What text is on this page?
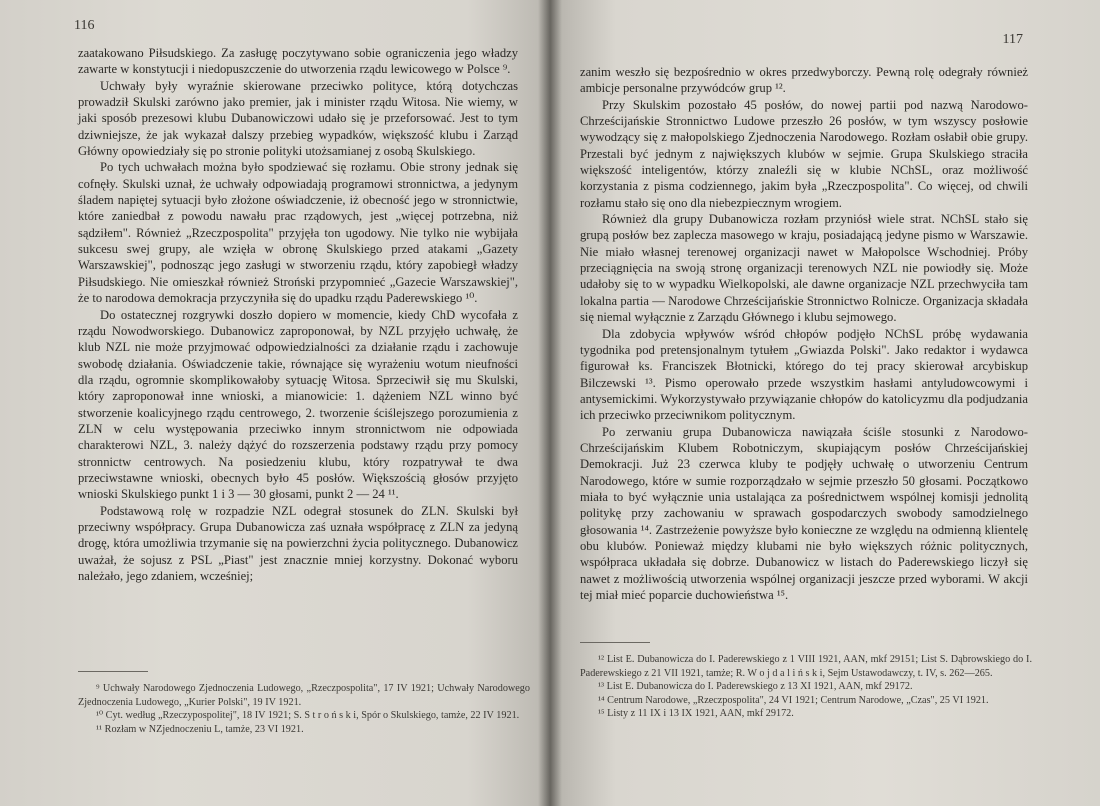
116

zaatakowano Piłsudskiego. Za zasługę poczytywano sobie ograniczenia jego władzy zawarte w konstytucji i niedopuszczenie do utworzenia rządu lewicowego w Polsce ⁹.

Uchwały były wyraźnie skierowane przeciwko polityce, którą dotychczas prowadził Skulski zarówno jako premier, jak i minister rządu Witosa. Nie wiemy, w jaki sposób prezesowi klubu Dubanowiczowi udało się je przeforsować. Jest to tym dziwniejsze, że jak wykazał dalszy przebieg wypadków, większość klubu i Zarząd Główny opowiedziały się po stronie polityki utożsamianej z osobą Skulskiego.

Po tych uchwałach można było spodziewać się rozłamu. Obie strony jednak się cofnęły. Skulski uznał, że uchwały odpowiadają programowi stronnictwa, a jedynym śladem napiętej sytuacji było złożone oświadczenie, iż obecność jego w stronnictwie, które zaniedbał z powodu nawału prac rządowych, jest „więcej potrzebna, niż sądziłem". Również „Rzeczpospolita" przyjęła ton ugodowy. Nie tylko nie wybijała sukcesu swej grupy, ale wzięła w obronę Skulskiego przed atakami „Gazety Warszawskiej", podnosząc jego zasługi w stworzeniu rządu, który zapobiegł władzy Piłsudskiego. Nie omieszkał również Stroński przypomnieć „Gazecie Warszawskiej", że to narodowa demokracja przyczyniła się do upadku rządu Paderewskiego ¹⁰.

Do ostatecznej rozgrywki doszło dopiero w momencie, kiedy ChD wycofała z rządu Nowodworskiego. Dubanowicz zaproponował, by NZL przyjęło uchwałę, że klub NZL nie może przyjmować odpowiedzialności za działanie rządu i zachowuje swobodę działania. Oświadczenie takie, równające się wyrażeniu wotum nieufności dla rządu, ogromnie skomplikowałoby sytuację Witosa. Sprzeciwił się mu Skulski, który zaproponował inne wnioski, a mianowicie: 1. dążeniem NZL winno być stworzenie koalicyjnego rządu centrowego, 2. tworzenie ściślejszego porozumienia z ZLN w celu występowania przeciwko innym stronnictwom nie odpowiada charakterowi NZL, 3. należy dążyć do rozszerzenia podstawy rządu przy pomocy stronnictw centrowych. Na posiedzeniu klubu, który rozpatrywał te dwa przeciwstawne wnioski, obecnych było 45 posłów. Większością głosów przyjęto wnioski Skulskiego punkt 1 i 3 — 30 głosami, punkt 2 — 24 ¹¹.

Podstawową rolę w rozpadzie NZL odegrał stosunek do ZLN. Skulski był przeciwny współpracy. Grupa Dubanowicza zaś uznała współpracę z ZLN za jedyną drogę, która umożliwia trzymanie się na powierzchni życia politycznego. Dubanowicz uważał, że sojusz z PSL „Piast" jest znacznie mniej korzystny. Dokonać wyboru należało, jego zdaniem, wcześniej;

⁹ Uchwały Narodowego Zjednoczenia Ludowego, „Rzeczpospolita", 17 IV 1921; Uchwały Narodowego Zjednoczenia Ludowego, „Kurier Polski", 19 IV 1921.

¹⁰ Cyt. według „Rzeczypospolitej", 18 IV 1921; S. S t r o ń s k i, Spór o Skulskiego, tamże, 22 IV 1921.

¹¹ Rozłam w NZjednoczeniu L, tamże, 23 VI 1921.

117

zanim weszło się bezpośrednio w okres przedwyborczy. Pewną rolę odegrały również ambicje personalne przywódców grup ¹².

Przy Skulskim pozostało 45 posłów, do nowej partii pod nazwą Narodowo-Chrześcijańskie Stronnictwo Ludowe przeszło 26 posłów, w tym wszyscy posłowie wywodzący się z małopolskiego Zjednoczenia Narodowego. Rozłam osłabił obie grupy. Przestali być jednym z największych klubów w sejmie. Grupa Skulskiego straciła większość inteligentów, którzy znaleźli się w klubie NChSL, oraz możliwość korzystania z pisma codziennego, jakim była „Rzeczpospolita". Co więcej, od chwili rozłamu stało się ono dla niebezpiecznym wrogiem.

Również dla grupy Dubanowicza rozłam przyniósł wiele strat. NChSL stało się grupą posłów bez zaplecza masowego w kraju, posiadającą jedyne pismo w Warszawie. Nie miało własnej terenowej organizacji nawet w Małopolsce Wschodniej. Próby przeciągnięcia na swoją stronę organizacji terenowych NZL nie powiodły się. Może udałoby się to w wypadku Wielkopolski, ale dawne organizacje NZL przechwyciła tam lokalna partia — Narodowe Chrześcijańskie Stronnictwo Rolnicze. Organizacja składała się niemal wyłącznie z Zarządu Głównego i klubu sejmowego.

Dla zdobycia wpływów wśród chłopów podjęło NChSL próbę wydawania tygodnika pod pretensjonalnym tytułem „Gwiazda Polski". Jako redaktor i wydawca figurował ks. Franciszek Błotnicki, którego do tej pracy skierował arcybiskup Bilczewski ¹³. Pismo operowało przede wszystkim hasłami antyludowcowymi i antysemickimi. Wykorzystywało przywiązanie chłopów do katolicyzmu dla podjudzania ich przeciwko przeciwnikom politycznym.

Po zerwaniu grupa Dubanowicza nawiązała ściśle stosunki z Narodowo-Chrześcijańskim Klubem Robotniczym, skupiającym posłów Chrześcijańskiej Demokracji. Już 23 czerwca kluby te podjęły uchwałę o utworzeniu Centrum Narodowego, które w sumie rozporządzało w sejmie przeszło 50 głosami. Początkowo miała to być wyłącznie unia ustalająca za pośrednictwem wspólnej komisji jednolitą politykę przy zachowaniu w sprawach gospodarczych swobody samodzielnego głosowania ¹⁴. Zastrzeżenie powyższe było konieczne ze względu na odmienną klientelę obu klubów. Ponieważ między klubami nie było większych różnic politycznych, współpraca układała się dobrze. Dubanowicz w listach do Paderewskiego liczył się nawet z możliwością utworzenia wspólnej organizacji jeszcze przed wyborami. W akcji tej miał mieć poparcie duchowieństwa ¹⁵.

¹² List E. Dubanowicza do I. Paderewskiego z 1 VIII 1921, AAN, mkf 29151; List S. Dąbrowskiego do I. Paderewskiego z 21 VII 1921, tamże; R. W o j d a l i ń s k i, Sejm Ustawodawczy, t. IV, s. 262—265.

¹³ List E. Dubanowicza do I. Paderewskiego z 13 XI 1921, AAN, mkf 29172.

¹⁴ Centrum Narodowe, „Rzeczpospolita", 24 VI 1921; Centrum Narodowe, „Czas", 25 VI 1921.

¹⁵ Listy z 11 IX i 13 IX 1921, AAN, mkf 29172.
